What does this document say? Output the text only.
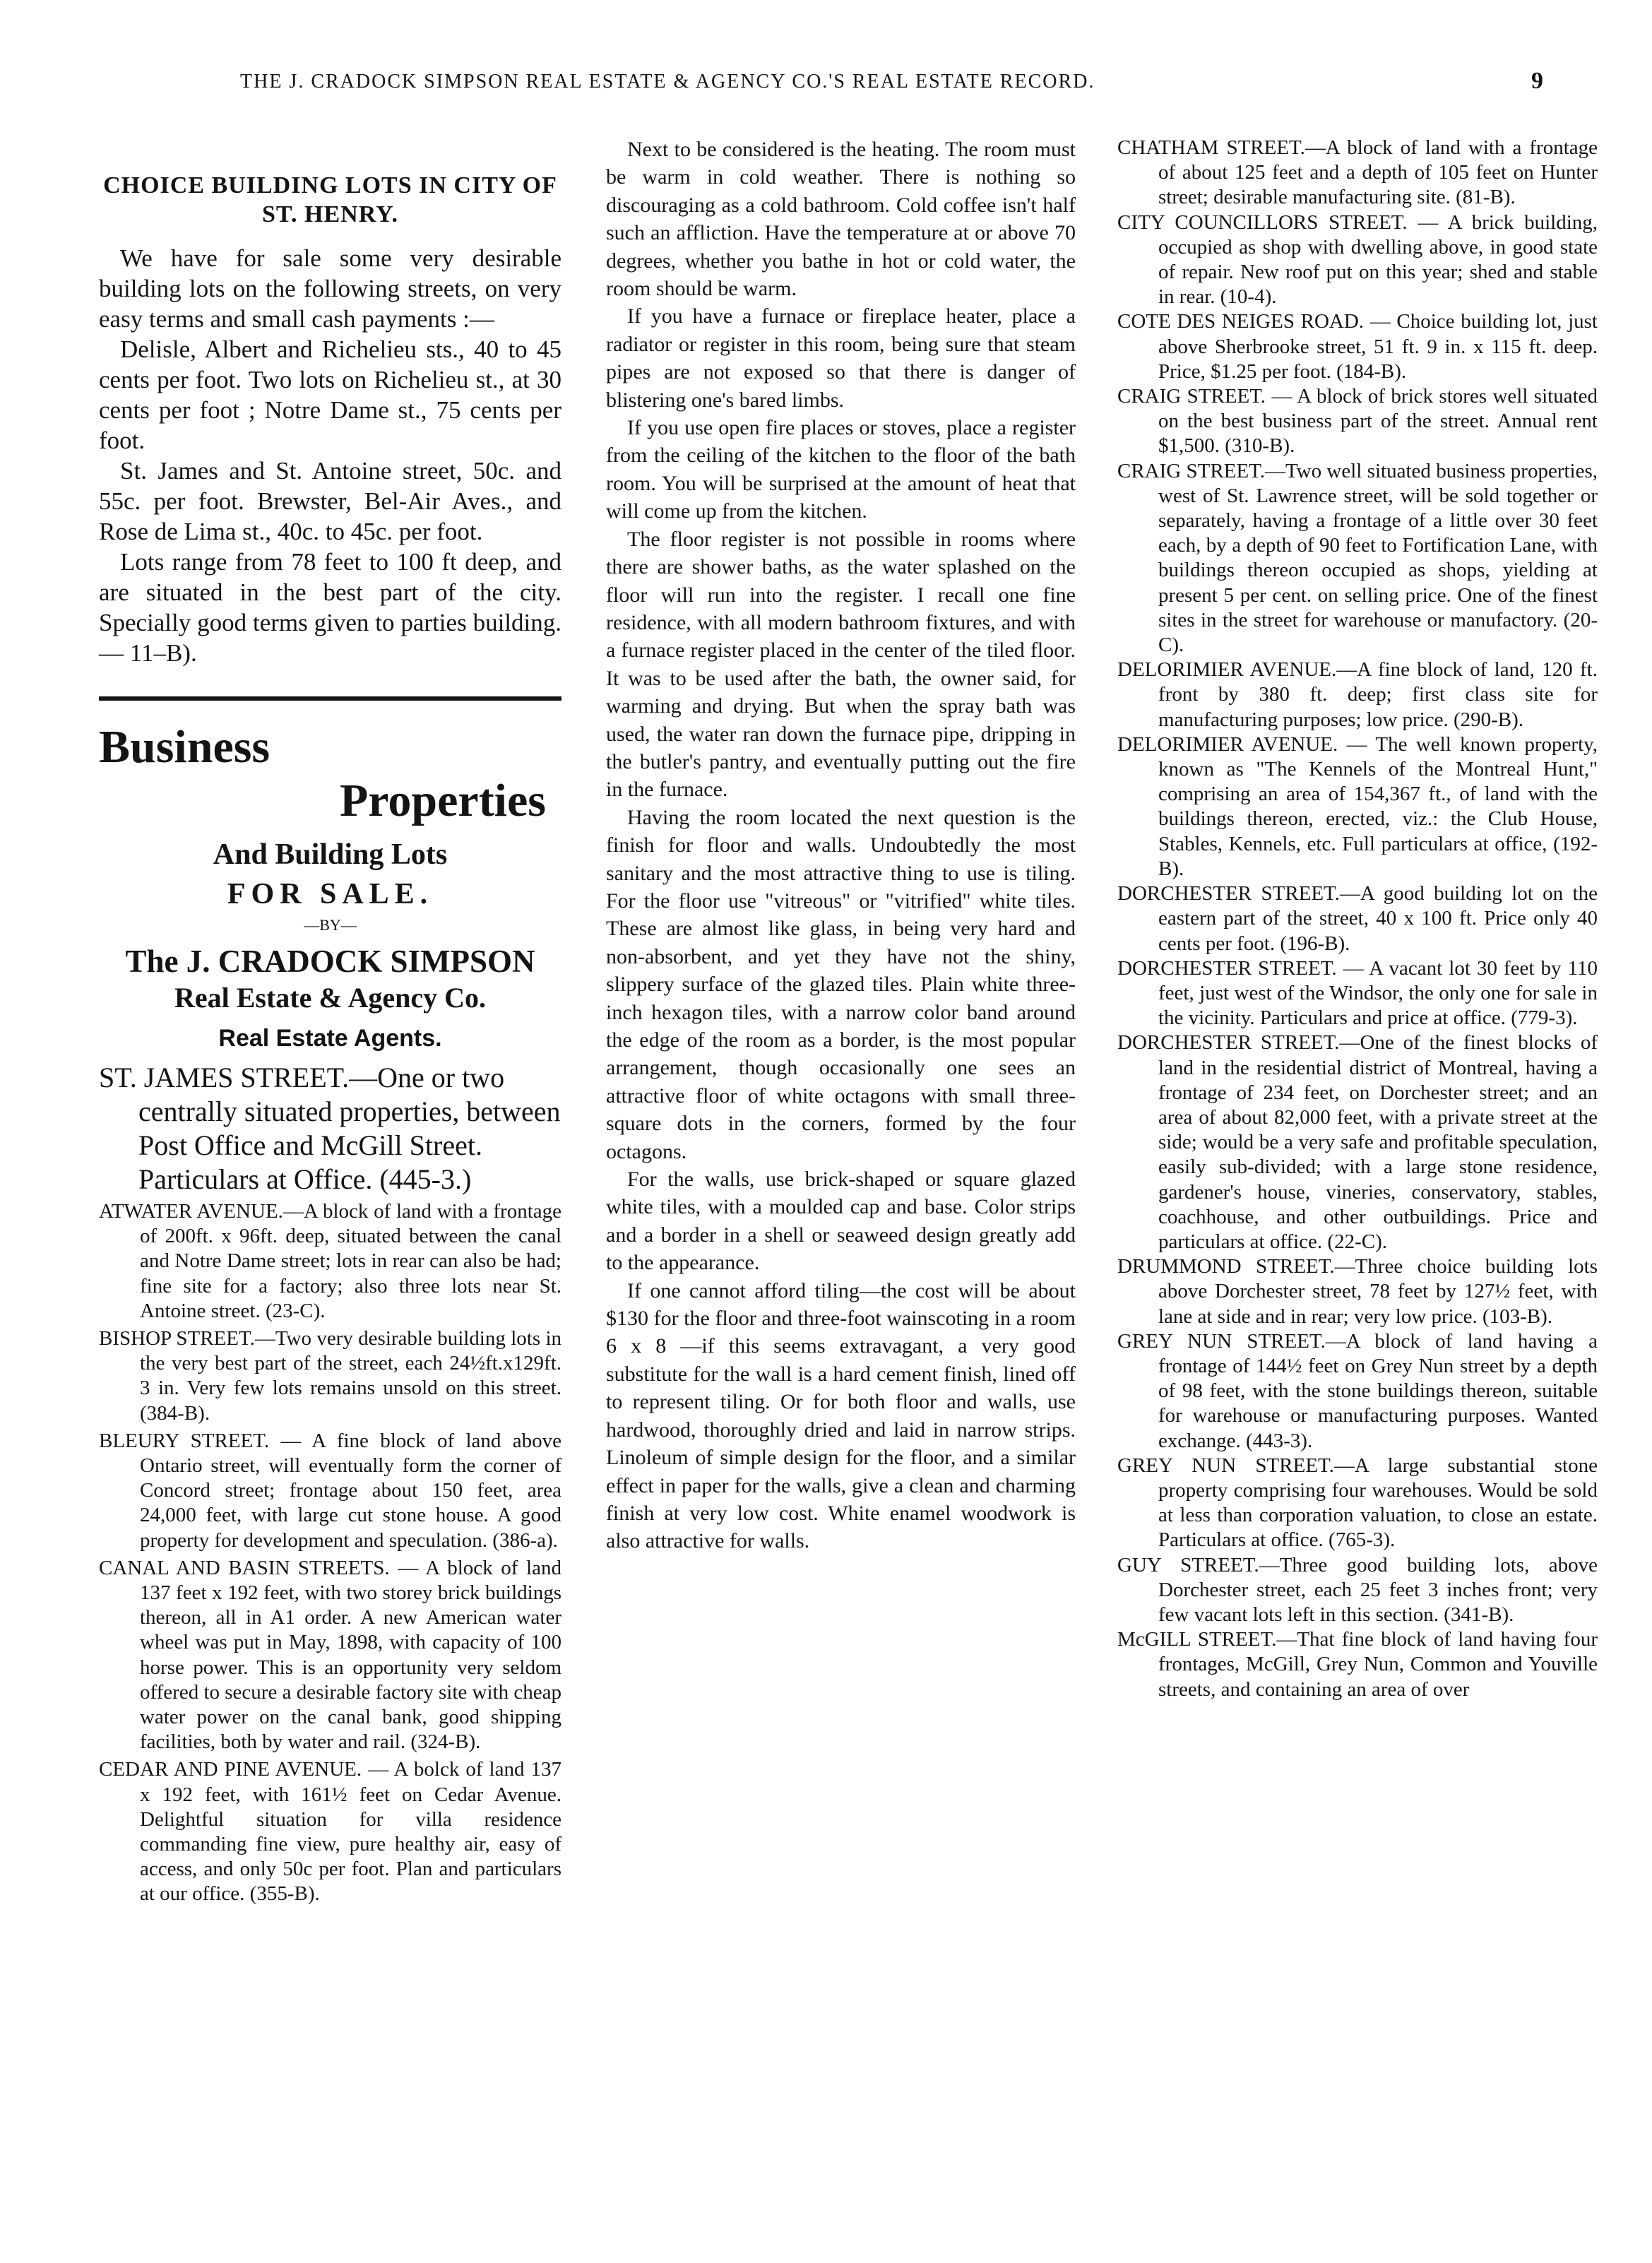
THE J. CRADOCK SIMPSON REAL ESTATE & AGENCY CO.'S REAL ESTATE RECORD.	9
CHOICE BUILDING LOTS IN CITY OF ST. HENRY.

We have for sale some very desirable building lots on the following streets, on very easy terms and small cash payments :—

Delisle, Albert and Richelieu sts., 40 to 45 cents per foot. Two lots on Richelieu st., at 30 cents per foot ; Notre Dame st., 75 cents per foot.

St. James and St. Antoine street, 50c. and 55c. per foot. Brewster, Bel-Air Aves., and Rose de Lima st., 40c. to 45c. per foot.

Lots range from 78 feet to 100 ft deep, and are situated in the best part of the city. Specially good terms given to parties building.— 11–B).

Business
Properties
And Building Lots
FOR SALE.
—BY—
The J. CRADOCK SIMPSON
Real Estate & Agency Co.
Real Estate Agents.

ST. JAMES STREET.—One or two centrally situated properties, between Post Office and McGill Street. Particulars at Office. (445-3.)

ATWATER AVENUE.—A block of land with a frontage of 200ft. x 96ft. deep, situated between the canal and Notre Dame street; lots in rear can also be had; fine site for a factory; also three lots near St. Antoine street. (23-C).

BISHOP STREET.—Two very desirable building lots in the very best part of the street, each 24½ft.x129ft. 3 in. Very few lots remains unsold on this street. (384-B).

BLEURY STREET. — A fine block of land above Ontario street, will eventually form the corner of Concord street; frontage about 150 feet, area 24,000 feet, with large cut stone house. A good property for development and speculation. (386-a).

CANAL AND BASIN STREETS. — A block of land 137 feet x 192 feet, with two storey brick buildings thereon, all in A1 order. A new American water wheel was put in May, 1898, with capacity of 100 horse power. This is an opportunity very seldom offered to secure a desirable factory site with cheap water power on the canal bank, good shipping facilities, both by water and rail. (324-B).

CEDAR AND PINE AVENUE. — A bolck of land 137 x 192 feet, with 161½ feet on Cedar Avenue. Delightful situation for villa residence commanding fine view, pure healthy air, easy of access, and only 50c per foot. Plan and particulars at our office. (355-B).

Next to be considered is the heating. The room must be warm in cold weather. There is nothing so discouraging as a cold bathroom. Cold coffee isn't half such an affliction. Have the temperature at or above 70 degrees, whether you bathe in hot or cold water, the room should be warm.

If you have a furnace or fireplace heater, place a radiator or register in this room, being sure that steam pipes are not exposed so that there is danger of blistering one's bared limbs.

If you use open fire places or stoves, place a register from the ceiling of the kitchen to the floor of the bath room. You will be surprised at the amount of heat that will come up from the kitchen.

The floor register is not possible in rooms where there are shower baths, as the water splashed on the floor will run into the register. I recall one fine residence, with all modern bathroom fixtures, and with a furnace register placed in the center of the tiled floor. It was to be used after the bath, the owner said, for warming and drying. But when the spray bath was used, the water ran down the furnace pipe, dripping in the butler's pantry, and eventually putting out the fire in the furnace.

Having the room located the next question is the finish for floor and walls. Undoubtedly the most sanitary and the most attractive thing to use is tiling. For the floor use "vitreous" or "vitrified" white tiles. These are almost like glass, in being very hard and non-absorbent, and yet they have not the shiny, slippery surface of the glazed tiles. Plain white three-inch hexagon tiles, with a narrow color band around the edge of the room as a border, is the most popular arrangement, though occasionally one sees an attractive floor of white octagons with small three-square dots in the corners, formed by the four octagons.

For the walls, use brick-shaped or square glazed white tiles, with a moulded cap and base. Color strips and a border in a shell or seaweed design greatly add to the appearance.

If one cannot afford tiling—the cost will be about $130 for the floor and three-foot wainscoting in a room 6 x 8 —if this seems extravagant, a very good substitute for the wall is a hard cement finish, lined off to represent tiling. Or for both floor and walls, use hardwood, thoroughly dried and laid in narrow strips. Linoleum of simple design for the floor, and a similar effect in paper for the walls, give a clean and charming finish at very low cost. White enamel woodwork is also attractive for walls.

CHATHAM STREET.—A block of land with a frontage of about 125 feet and a depth of 105 feet on Hunter street; desirable manufacturing site. (81-B).

CITY COUNCILLORS STREET. — A brick building, occupied as shop with dwelling above, in good state of repair. New roof put on this year; shed and stable in rear. (10-4).

COTE DES NEIGES ROAD. — Choice building lot, just above Sherbrooke street, 51 ft. 9 in. x 115 ft. deep. Price, $1.25 per foot. (184-B).

CRAIG STREET. — A block of brick stores well situated on the best business part of the street. Annual rent $1,500. (310-B).

CRAIG STREET.—Two well situated business properties, west of St. Lawrence street, will be sold together or separately, having a frontage of a little over 30 feet each, by a depth of 90 feet to Fortification Lane, with buildings thereon occupied as shops, yielding at present 5 per cent. on selling price. One of the finest sites in the street for warehouse or manufactory. (20-C).

DELORIMIER AVENUE.—A fine block of land, 120 ft. front by 380 ft. deep; first class site for manufacturing purposes; low price. (290-B).

DELORIMIER AVENUE. — The well known property, known as "The Kennels of the Montreal Hunt," comprising an area of 154,367 ft., of land with the buildings thereon, erected, viz.: the Club House, Stables, Kennels, etc. Full particulars at office, (192-B).

DORCHESTER STREET.—A good building lot on the eastern part of the street, 40 x 100 ft. Price only 40 cents per foot. (196-B).

DORCHESTER STREET. — A vacant lot 30 feet by 110 feet, just west of the Windsor, the only one for sale in the vicinity. Particulars and price at office. (779-3).

DORCHESTER STREET.—One of the finest blocks of land in the residential district of Montreal, having a frontage of 234 feet, on Dorchester street; and an area of about 82,000 feet, with a private street at the side; would be a very safe and profitable speculation, easily sub-divided; with a large stone residence, gardener's house, vineries, conservatory, stables, coachhouse, and other outbuildings. Price and particulars at office. (22-C).

DRUMMOND STREET.—Three choice building lots above Dorchester street, 78 feet by 127½ feet, with lane at side and in rear; very low price. (103-B).

GREY NUN STREET.—A block of land having a frontage of 144½ feet on Grey Nun street by a depth of 98 feet, with the stone buildings thereon, suitable for warehouse or manufacturing purposes. Wanted exchange. (443-3).

GREY NUN STREET.—A large substantial stone property comprising four warehouses. Would be sold at less than corporation valuation, to close an estate. Particulars at office. (765-3).

GUY STREET.—Three good building lots, above Dorchester street, each 25 feet 3 inches front; very few vacant lots left in this section. (341-B).

McGILL STREET.—That fine block of land having four frontages, McGill, Grey Nun, Common and Youville streets, and containing an area of over
